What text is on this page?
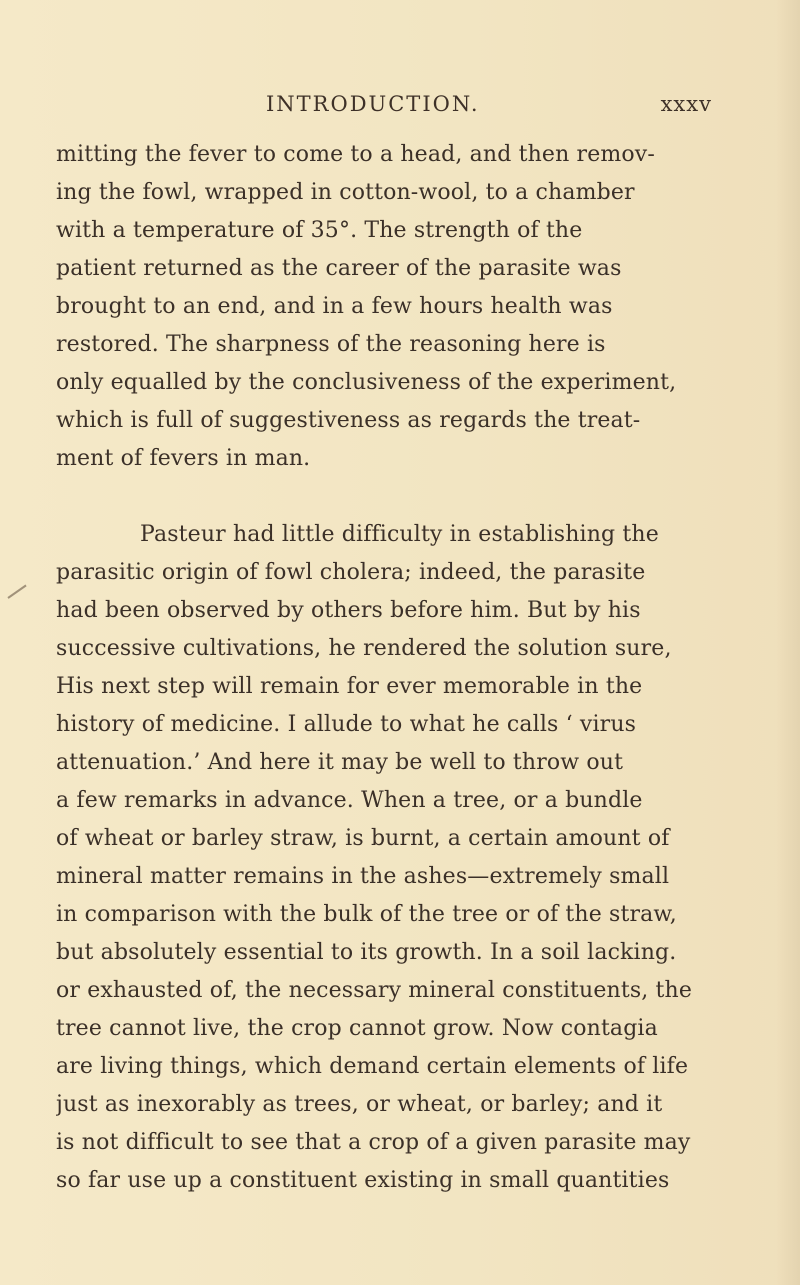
INTRODUCTION.	xxxv
mitting the fever to come to a head, and then remov-
ing the fowl, wrapped in cotton-wool, to a chamber
with a temperature of 35°. The strength of the
patient returned as the career of the parasite was
brought to an end, and in a few hours health was
restored. The sharpness of the reasoning here is
only equalled by the conclusiveness of the experiment,
which is full of suggestiveness as regards the treat-
ment of fevers in man.
Pasteur had little difficulty in establishing the
parasitic origin of fowl cholera; indeed, the parasite
had been observed by others before him. But by his
successive cultivations, he rendered the solution sure,
His next step will remain for ever memorable in the
history of medicine. I allude to what he calls ‘ virus
attenuation.’ And here it may be well to throw out
a few remarks in advance. When a tree, or a bundle
of wheat or barley straw, is burnt, a certain amount of
mineral matter remains in the ashes—extremely small
in comparison with the bulk of the tree or of the straw,
but absolutely essential to its growth. In a soil lacking.
or exhausted of, the necessary mineral constituents, the
tree cannot live, the crop cannot grow. Now contagia
are living things, which demand certain elements of life
just as inexorably as trees, or wheat, or barley; and it
is not difficult to see that a crop of a given parasite may
so far use up a constituent existing in small quantities
